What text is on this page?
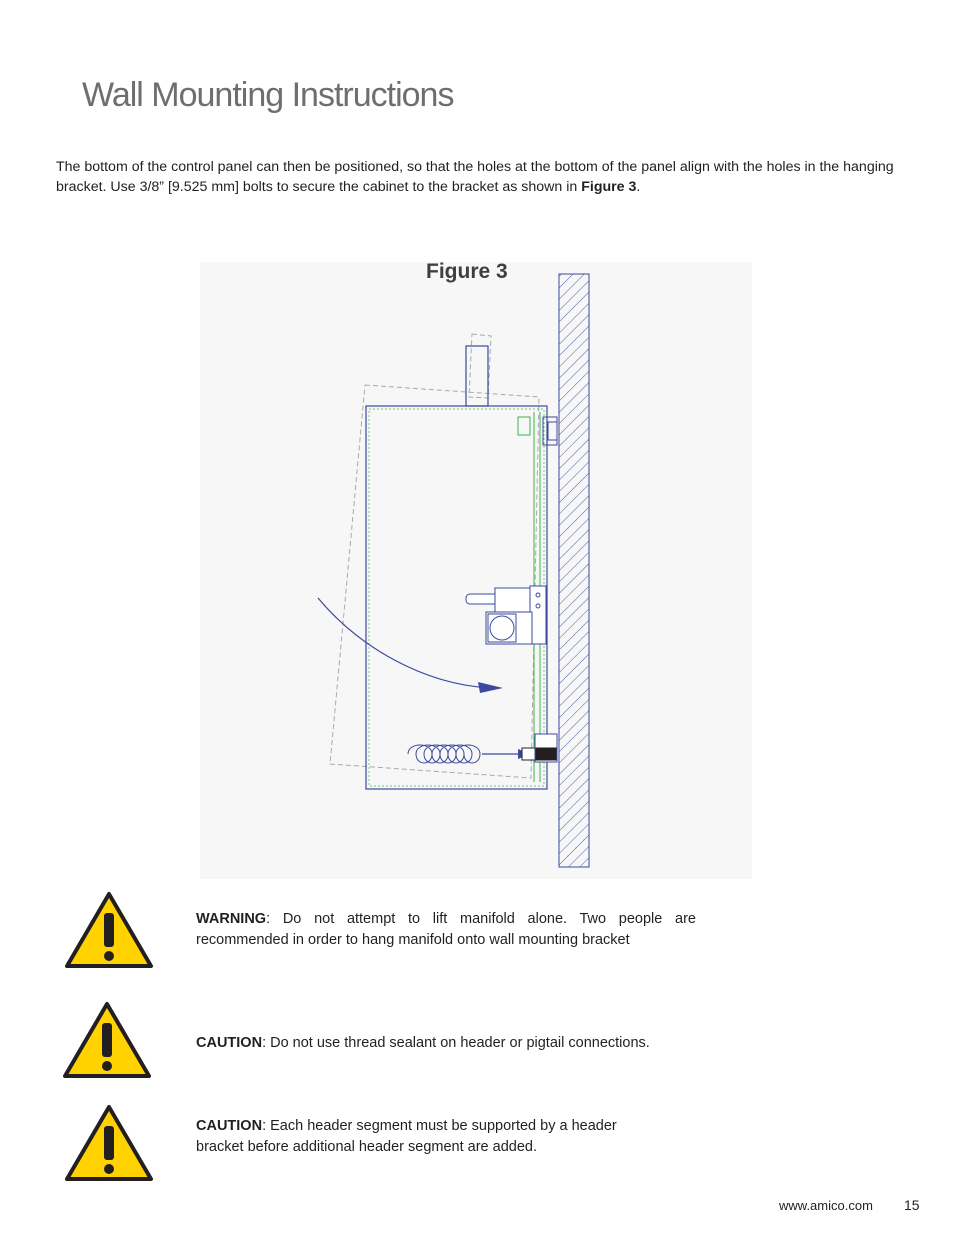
Wall Mounting Instructions
The bottom of the control panel can then be positioned, so that the holes at the bottom of the panel align with the holes in the hanging bracket. Use 3/8” [9.525 mm] bolts to secure the cabinet to the bracket as shown in Figure 3.
Figure 3
WARNING: Do not attempt to lift manifold alone. Two people are recommended in order to hang manifold onto wall mounting bracket
CAUTION: Do not use thread sealant on header or pigtail connections.
CAUTION: Each header segment must be supported by a header bracket before additional header segment are added.
www.amico.com 15
